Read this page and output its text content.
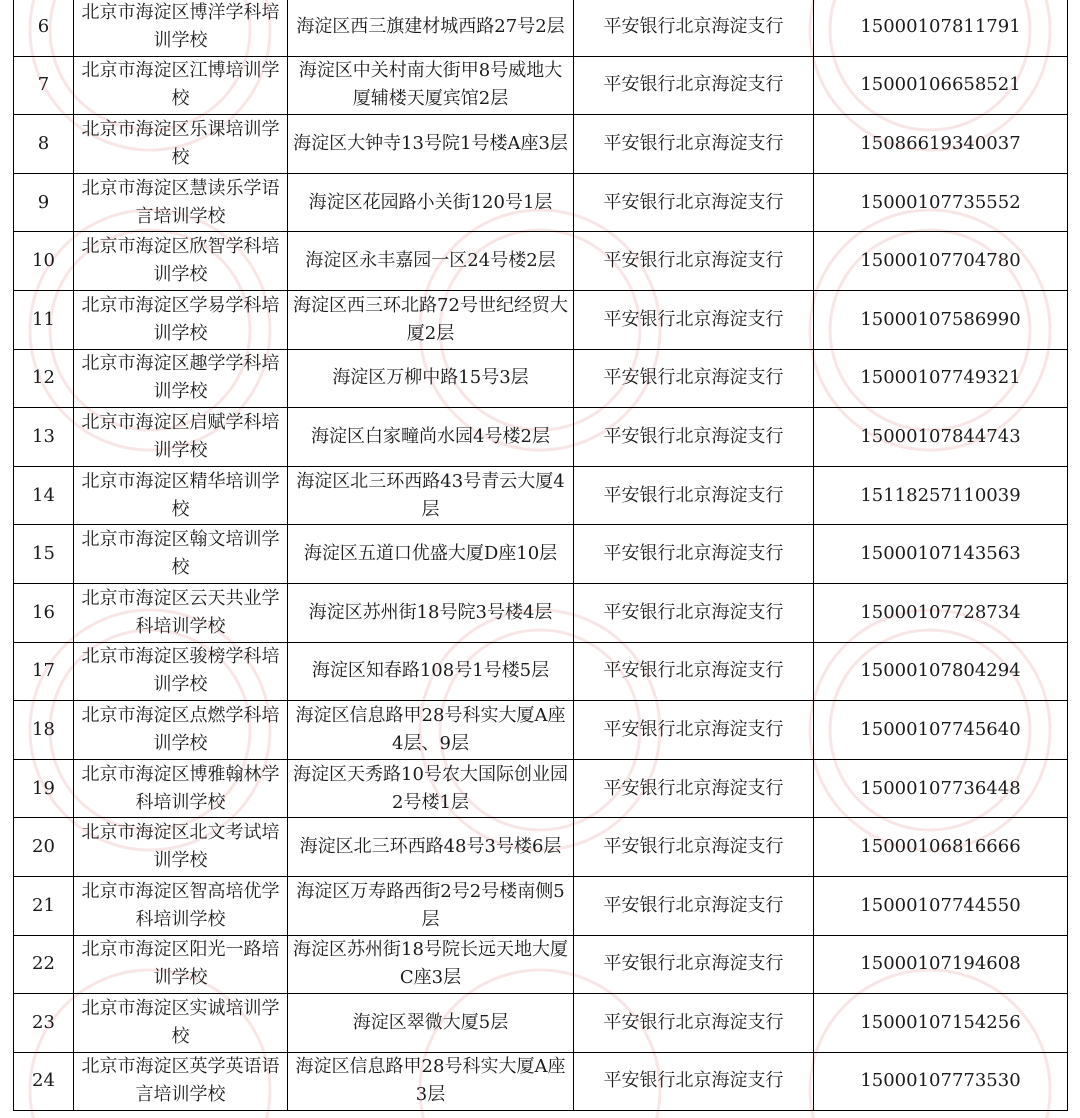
6	北京市海淀区博洋学科培训学校	海淀区西三旗建材城西路27号2层	平安银行北京海淀支行	15000107811791
7	北京市海淀区江博培训学校	海淀区中关村南大街甲8号威地大厦辅楼天厦宾馆2层	平安银行北京海淀支行	15000106658521
8	北京市海淀区乐课培训学校	海淀区大钟寺13号院1号楼A座3层	平安银行北京海淀支行	15086619340037
9	北京市海淀区慧读乐学语言培训学校	海淀区花园路小关街120号1层	平安银行北京海淀支行	15000107735552
10	北京市海淀区欣智学科培训学校	海淀区永丰嘉园一区24号楼2层	平安银行北京海淀支行	15000107704780
11	北京市海淀区学易学科培训学校	海淀区西三环北路72号世纪经贸大厦2层	平安银行北京海淀支行	15000107586990
12	北京市海淀区趣学学科培训学校	海淀区万柳中路15号3层	平安银行北京海淀支行	15000107749321
13	北京市海淀区启赋学科培训学校	海淀区白家疃尚水园4号楼2层	平安银行北京海淀支行	15000107844743
14	北京市海淀区精华培训学校	海淀区北三环西路43号青云大厦4层	平安银行北京海淀支行	15118257110039
15	北京市海淀区翰文培训学校	海淀区五道口优盛大厦D座10层	平安银行北京海淀支行	15000107143563
16	北京市海淀区云天共业学科培训学校	海淀区苏州街18号院3号楼4层	平安银行北京海淀支行	15000107728734
17	北京市海淀区骏榜学科培训学校	海淀区知春路108号1号楼5层	平安银行北京海淀支行	15000107804294
18	北京市海淀区点燃学科培训学校	海淀区信息路甲28号科实大厦A座4层、9层	平安银行北京海淀支行	15000107745640
19	北京市海淀区博雅翰林学科培训学校	海淀区天秀路10号农大国际创业园2号楼1层	平安银行北京海淀支行	15000107736448
20	北京市海淀区北文考试培训学校	海淀区北三环西路48号3号楼6层	平安银行北京海淀支行	15000106816666
21	北京市海淀区智高培优学科培训学校	海淀区万寿路西街2号2号楼南侧5层	平安银行北京海淀支行	15000107744550
22	北京市海淀区阳光一路培训学校	海淀区苏州街18号院长远天地大厦C座3层	平安银行北京海淀支行	15000107194608
23	北京市海淀区实诚培训学校	海淀区翠微大厦5层	平安银行北京海淀支行	15000107154256
24	北京市海淀区英学英语语言培训学校	海淀区信息路甲28号科实大厦A座3层	平安银行北京海淀支行	15000107773530
